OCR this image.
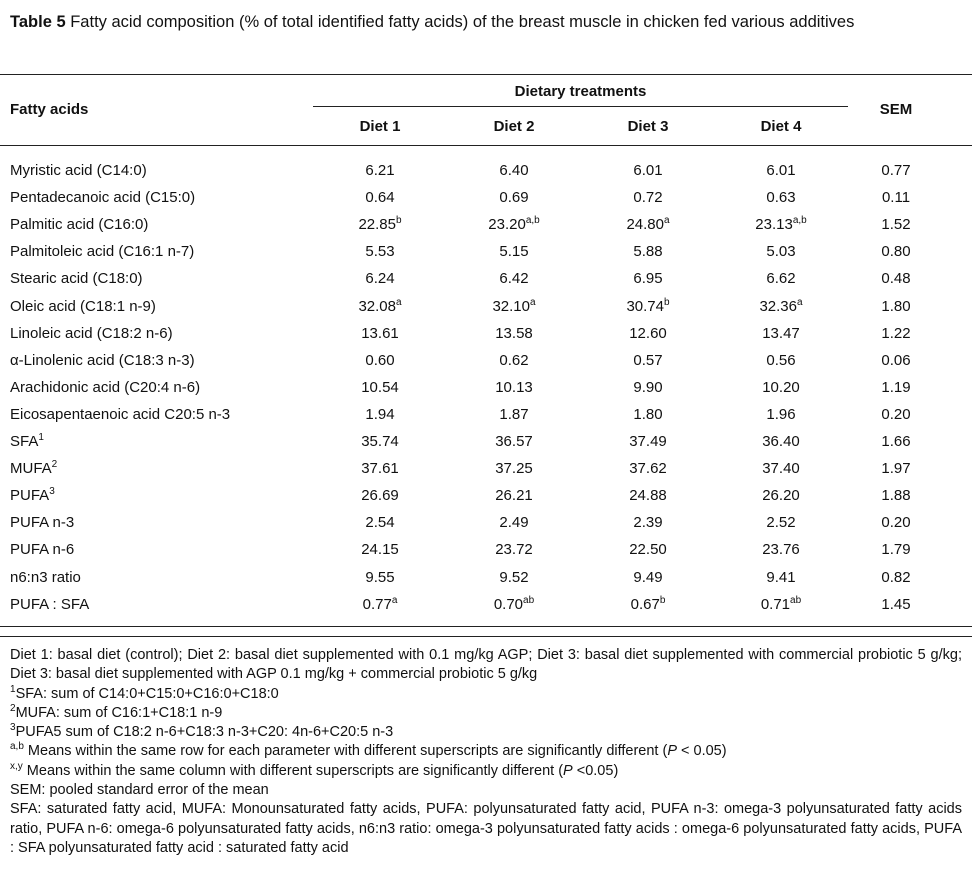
Table 5 Fatty acid composition (% of total identified fatty acids) of the breast muscle in chicken fed various additives
Fatty acids
Dietary treatments
SEM
Diet 1	Diet 2	Diet 3	Diet 4
Myristic acid (C14:0)	6.21	6.40	6.01	6.01	0.77
Pentadecanoic acid (C15:0)	0.64	0.69	0.72	0.63	0.11
Palmitic acid (C16:0)	22.85$^b$	23.20$^{a,b}$	24.80$^a$	23.13$^{a,b}$	1.52
Palmitoleic acid (C16:1 n-7)	5.53	5.15	5.88	5.03	0.80
Stearic acid (C18:0)	6.24	6.42	6.95	6.62	0.48
Oleic acid (C18:1 n-9)	32.08$^a$	32.10$^a$	30.74$^b$	32.36$^a$	1.80
Linoleic acid (C18:2 n-6)	13.61	13.58	12.60	13.47	1.22
α-Linolenic acid (C18:3 n-3)	0.60	0.62	0.57	0.56	0.06
Arachidonic acid (C20:4 n-6)	10.54	10.13	9.90	10.20	1.19
Eicosapentaenoic acid C20:5 n-3	1.94	1.87	1.80	1.96	0.20
SFA$^1$	35.74	36.57	37.49	36.40	1.66
MUFA$^2$	37.61	37.25	37.62	37.40	1.97
PUFA$^3$	26.69	26.21	24.88	26.20	1.88
PUFA n-3	2.54	2.49	2.39	2.52	0.20
PUFA n-6	24.15	23.72	22.50	23.76	1.79
n6:n3 ratio	9.55	9.52	9.49	9.41	0.82
PUFA : SFA	0.77$^a$	0.70$^{ab}$	0.67$^b$	0.71$^{ab}$	1.45

Diet 1: basal diet (control); Diet 2: basal diet supplemented with 0.1 mg/kg AGP; Diet 3: basal diet supplemented with commercial probiotic 5 g/kg; Diet 3: basal diet supplemented with AGP 0.1 mg/kg + commercial probiotic 5 g/kg

$^1$SFA: sum of C14:0+C15:0+C16:0+C18:0

$^2$MUFA: sum of C16:1+C18:1 n-9

$^3$PUFA5 sum of C18:2 n-6+C18:3 n-3+C20: 4n-6+C20:5 n-3

$^{a,b}$ Means within the same row for each parameter with different superscripts are significantly different (P < 0.05)

$^{x,y}$ Means within the same column with different superscripts are significantly different (P <0.05)

SEM: pooled standard error of the mean

SFA: saturated fatty acid, MUFA: Monounsaturated fatty acids, PUFA: polyunsaturated fatty acid, PUFA n-3: omega-3 polyunsaturated fatty acids ratio, PUFA n-6: omega-6 polyunsaturated fatty acids, n6:n3 ratio: omega-3 polyunsaturated fatty acids : omega-6 polyunsaturated fatty acids, PUFA : SFA polyunsaturated fatty acid : saturated fatty acid
